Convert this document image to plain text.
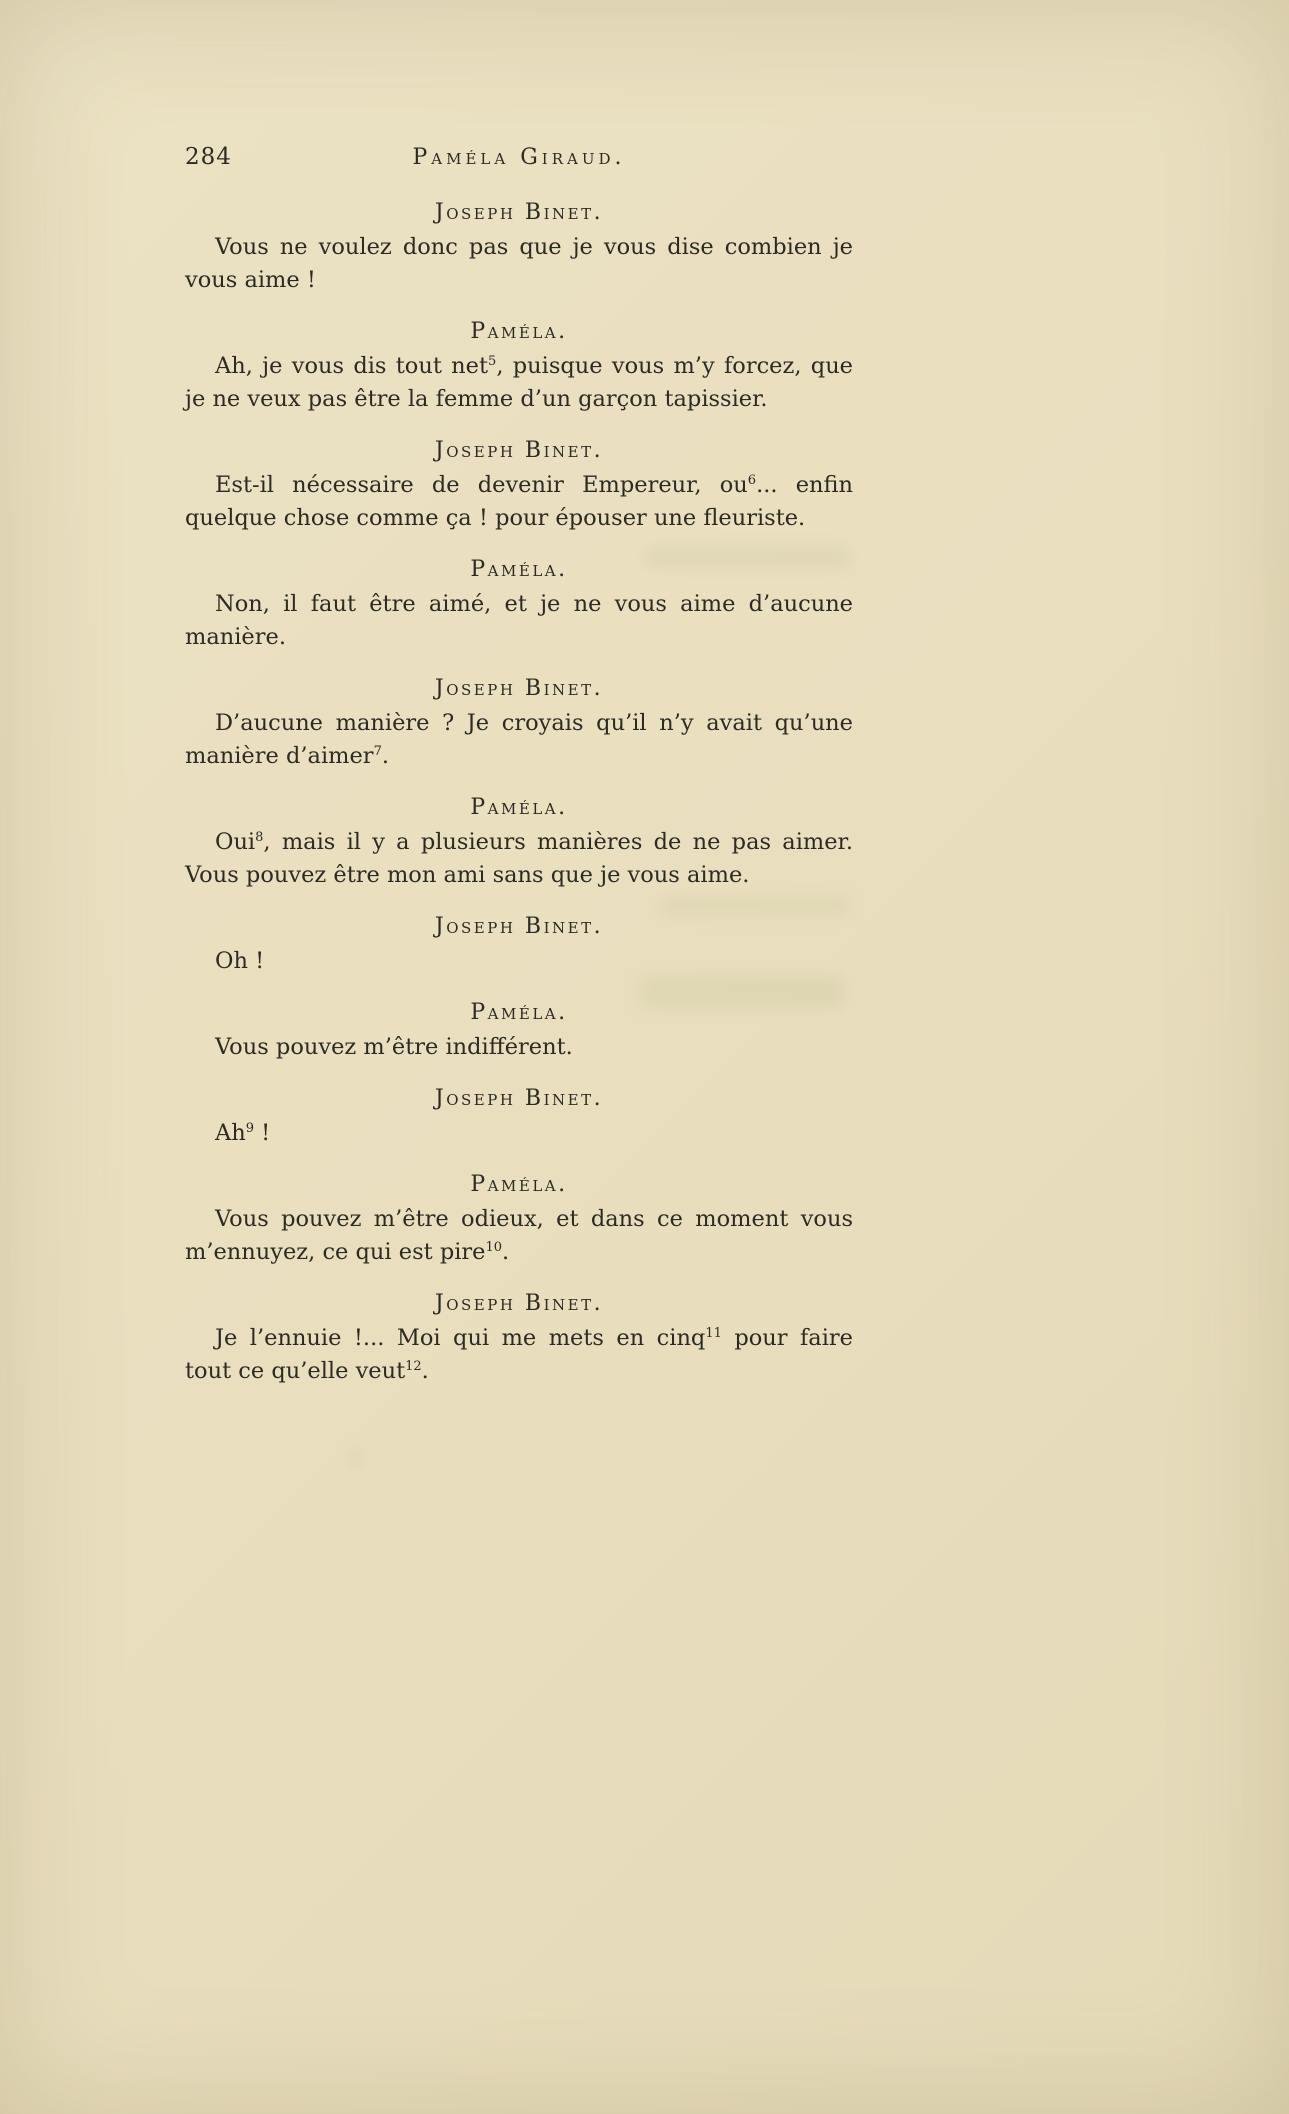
284	Paméla Giraud.
Joseph Binet.

Vous ne voulez donc pas que je vous dise combien je vous aime !

Paméla.

Ah, je vous dis tout net$^5$, puisque vous m’y forcez, que je ne veux pas être la femme d’un garçon tapissier.

Joseph Binet.

Est-il nécessaire de devenir Empereur, ou$^6$... enfin quelque chose comme ça ! pour épouser une fleuriste.

Paméla.

Non, il faut être aimé, et je ne vous aime d’aucune manière.

Joseph Binet.

D’aucune manière ? Je croyais qu’il n’y avait qu’une manière d’aimer$^7$.

Paméla.

Oui$^8$, mais il y a plusieurs manières de ne pas aimer. Vous pouvez être mon ami sans que je vous aime.

Joseph Binet.

Oh !

Paméla.

Vous pouvez m’être indifférent.

Joseph Binet.

Ah$^9$ !

Paméla.

Vous pouvez m’être odieux, et dans ce moment vous m’ennuyez, ce qui est pire$^{10}$.

Joseph Binet.

Je l’ennuie !... Moi qui me mets en cinq$^{11}$ pour faire tout ce qu’elle veut$^{12}$.
